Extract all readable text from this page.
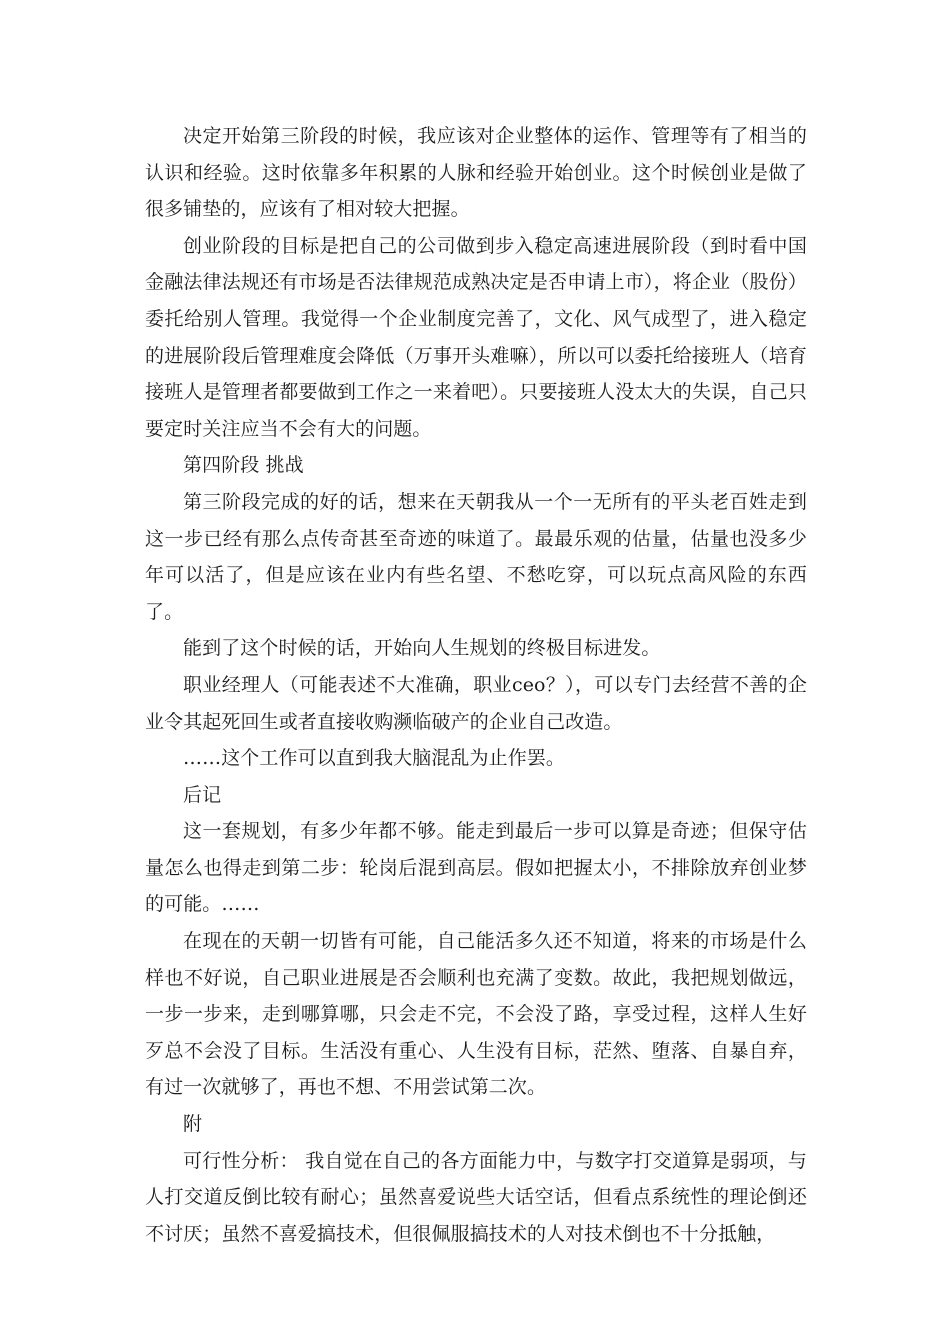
决定开始第三阶段的时候，我应该对企业整体的运作、管理等有了相当的认识和经验。这时依靠多年积累的人脉和经验开始创业。这个时候创业是做了很多铺垫的，应该有了相对较大把握。

创业阶段的目标是把自己的公司做到步入稳定高速进展阶段（到时看中国金融法律法规还有市场是否法律规范成熟决定是否申请上市），将企业（股份）委托给别人管理。我觉得一个企业制度完善了，文化、风气成型了，进入稳定的进展阶段后管理难度会降低（万事开头难嘛），所以可以委托给接班人（培育接班人是管理者都要做到工作之一来着吧）。只要接班人没太大的失误，自己只要定时关注应当不会有大的问题。

第四阶段 挑战

第三阶段完成的好的话，想来在天朝我从一个一无所有的平头老百姓走到这一步已经有那么点传奇甚至奇迹的味道了。最最乐观的估量，估量也没多少年可以活了，但是应该在业内有些名望、不愁吃穿，可以玩点高风险的东西了。

能到了这个时候的话，开始向人生规划的终极目标进发。

职业经理人（可能表述不大准确，职业ceo？），可以专门去经营不善的企业令其起死回生或者直接收购濒临破产的企业自己改造。

……这个工作可以直到我大脑混乱为止作罢。

后记

这一套规划，有多少年都不够。能走到最后一步可以算是奇迹；但保守估量怎么也得走到第二步：轮岗后混到高层。假如把握太小，不排除放弃创业梦的可能。……

在现在的天朝一切皆有可能，自己能活多久还不知道，将来的市场是什么样也不好说，自己职业进展是否会顺利也充满了变数。故此，我把规划做远，一步一步来，走到哪算哪，只会走不完，不会没了路，享受过程，这样人生好歹总不会没了目标。生活没有重心、人生没有目标，茫然、堕落、自暴自弃，有过一次就够了，再也不想、不用尝试第二次。

附

可行性分析： 我自觉在自己的各方面能力中，与数字打交道算是弱项，与人打交道反倒比较有耐心；虽然喜爱说些大话空话，但看点系统性的理论倒还不讨厌；虽然不喜爱搞技术，但很佩服搞技术的人对技术倒也不十分抵触，
